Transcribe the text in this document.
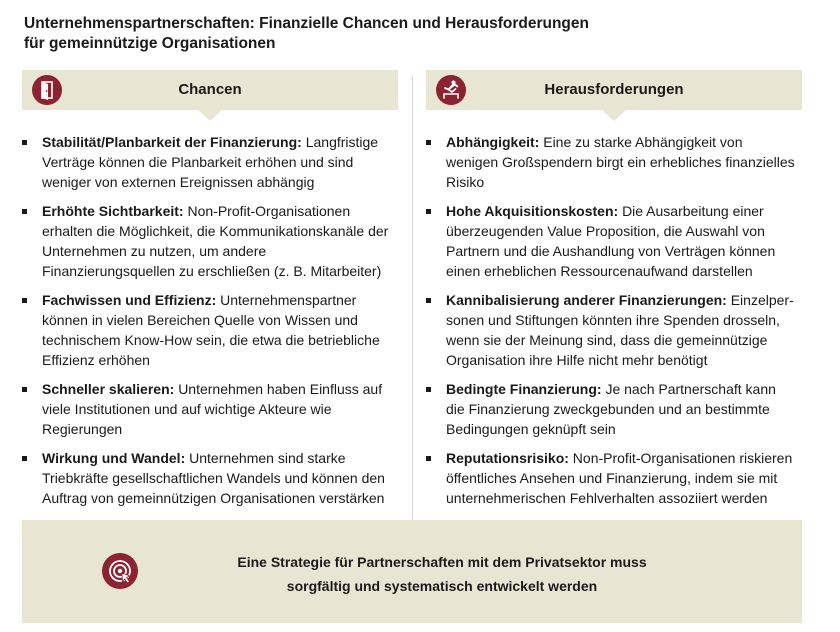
Unternehmenspartnerschaften: Finanzielle Chancen und Herausforderungen
für gemeinnützige Organisationen
Chancen	Herausforderungen
Stabilität/Planbarkeit der Finanzierung: Langfristige Verträge können die Planbarkeit erhöhen und sind weniger von externen Ereignissen abhängig
Erhöhte Sichtbarkeit: Non-Profit-Organisationen erhalten die Möglichkeit, die Kommunikationskanäle der Unternehmen zu nutzen, um andere Finanzierungsquellen zu erschließen (z. B. Mitarbeiter)
Fachwissen und Effizienz: Unternehmenspartner können in vielen Bereichen Quelle von Wissen und technischem Know-How sein, die etwa die betriebliche Effizienz erhöhen
Schneller skalieren: Unternehmen haben Einfluss auf viele Institutionen und auf wichtige Akteure wie Regierungen
Wirkung und Wandel: Unternehmen sind starke Triebkräfte gesellschaftlichen Wandels und können den Auftrag von gemeinnützigen Organisationen verstärken
Abhängigkeit: Eine zu starke Abhängigkeit von wenigen Großspendern birgt ein erhebliches finanzielles Risiko
Hohe Akquisitionskosten: Die Ausarbeitung einer überzeugenden Value Proposition, die Auswahl von Partnern und die Aushandlung von Verträgen können einen erheblichen Ressourcenaufwand darstellen
Kannibalisierung anderer Finanzierungen: Einzelper-sonen und Stiftungen könnten ihre Spenden drosseln, wenn sie der Meinung sind, dass die gemeinnützige Organisation ihre Hilfe nicht mehr benötigt
Bedingte Finanzierung: Je nach Partnerschaft kann die Finanzierung zweckgebunden und an bestimmte Bedingungen geknüpft sein
Reputationsrisiko: Non-Profit-Organisationen riskieren öffentliches Ansehen und Finanzierung, indem sie mit unternehmerischen Fehlverhalten assoziiert werden
Eine Strategie für Partnerschaften mit dem Privatsektor muss
sorgfältig und systematisch entwickelt werden
